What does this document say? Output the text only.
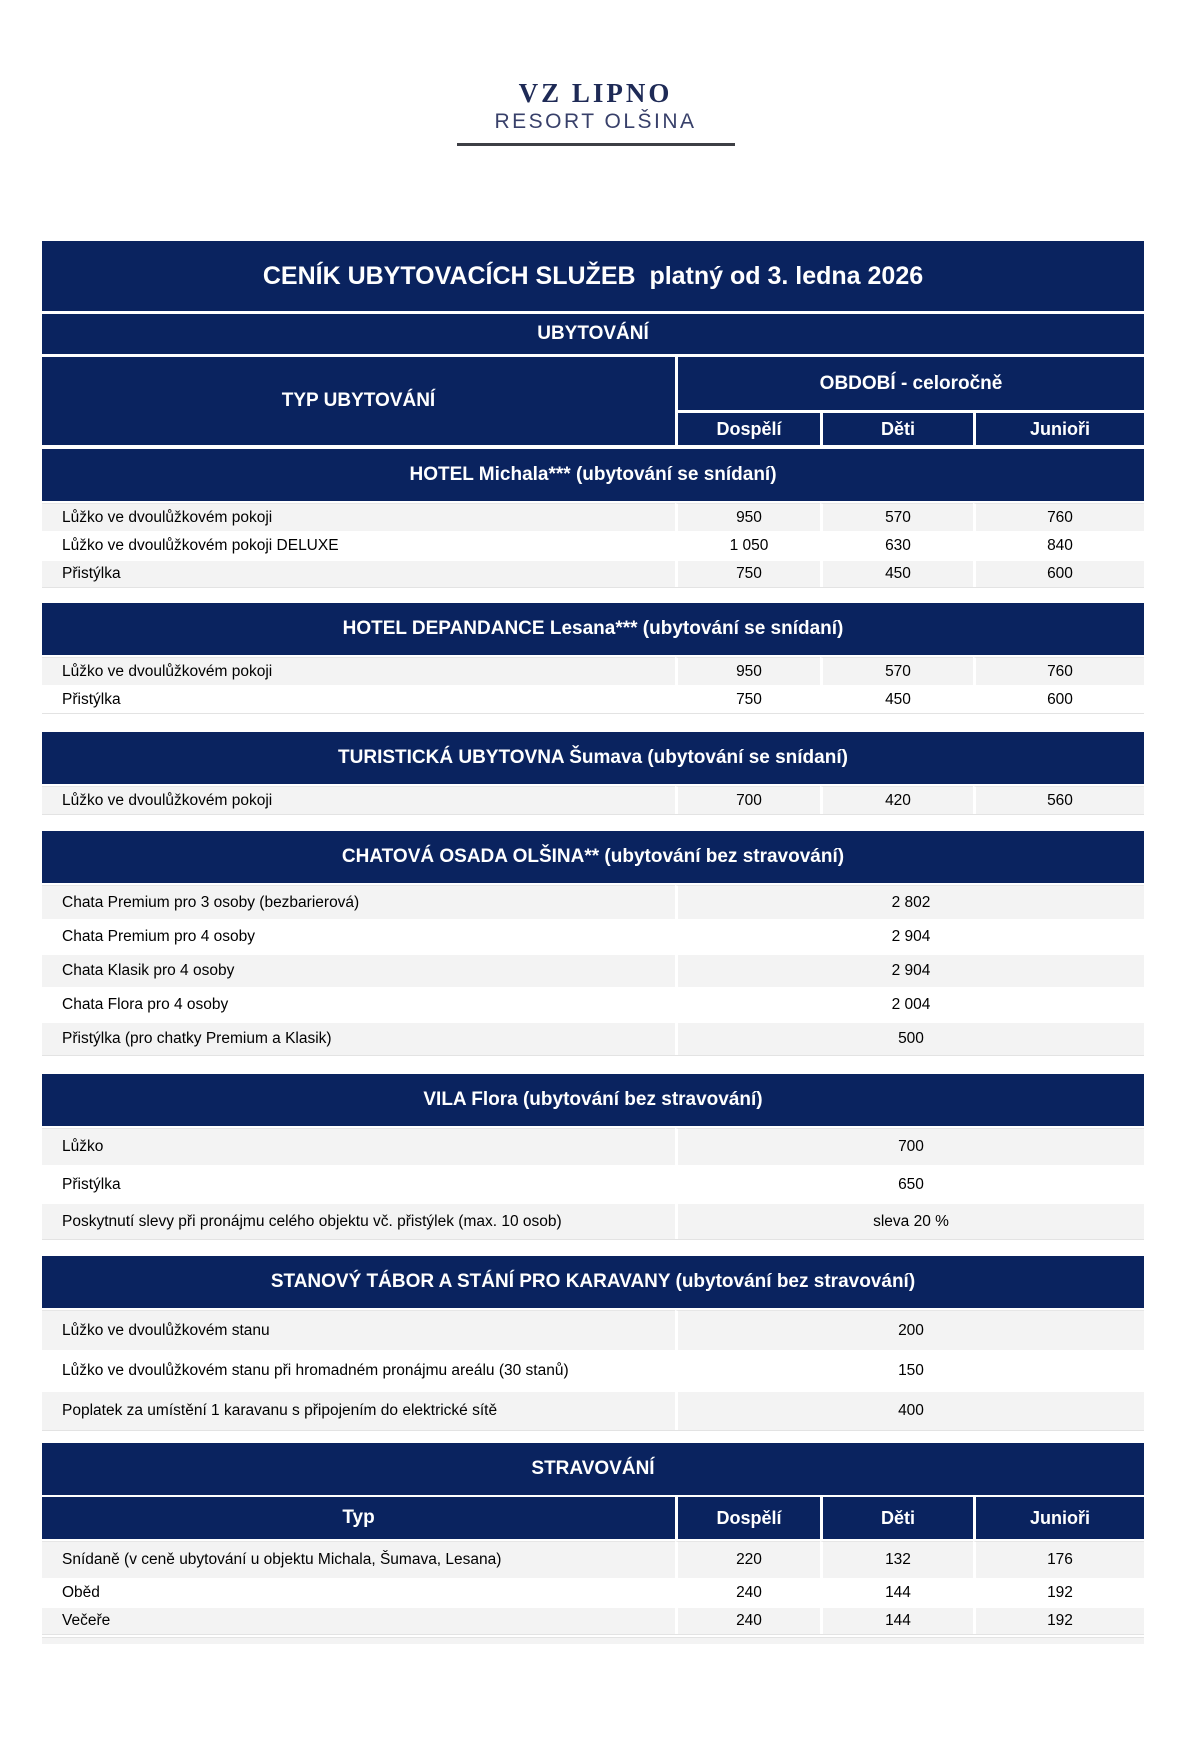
VZ LIPNO
RESORT OLŠINA
CENÍK UBYTOVACÍCH SLUŽEB  platný od 3. ledna 2026
UBYTOVÁNÍ
TYP UBYTOVÁNÍ
OBDOBÍ - celoročně
Dospělí	Děti	Junioři
HOTEL Michala*** (ubytování se snídaní)
Lůžko ve dvoulůžkovém pokoji	950	570	760
Lůžko ve dvoulůžkovém pokoji DELUXE	1 050	630	840
Přistýlka	750	450	600
HOTEL DEPANDANCE Lesana*** (ubytování se snídaní)
Lůžko ve dvoulůžkovém pokoji	950	570	760
Přistýlka	750	450	600
TURISTICKÁ UBYTOVNA Šumava (ubytování se snídaní)
Lůžko ve dvoulůžkovém pokoji	700	420	560
CHATOVÁ OSADA OLŠINA** (ubytování bez stravování)
Chata Premium pro 3 osoby (bezbarierová)	2 802
Chata Premium pro 4 osoby	2 904
Chata Klasik pro 4 osoby	2 904
Chata Flora pro 4 osoby	2 004
Přistýlka (pro chatky Premium a Klasik)	500
VILA Flora (ubytování bez stravování)
Lůžko	700
Přistýlka	650
Poskytnutí slevy při pronájmu celého objektu vč. přistýlek (max. 10 osob)	sleva 20 %
STANOVÝ TÁBOR A STÁNÍ PRO KARAVANY (ubytování bez stravování)
Lůžko ve dvoulůžkovém stanu	200
Lůžko ve dvoulůžkovém stanu při hromadném pronájmu areálu (30 stanů)	150
Poplatek za umístění 1 karavanu s připojením do elektrické sítě	400
STRAVOVÁNÍ
Typ	Dospělí	Děti	Junioři
Snídaně (v ceně ubytování u objektu Michala, Šumava, Lesana)	220	132	176
Oběd	240	144	192
Večeře	240	144	192
